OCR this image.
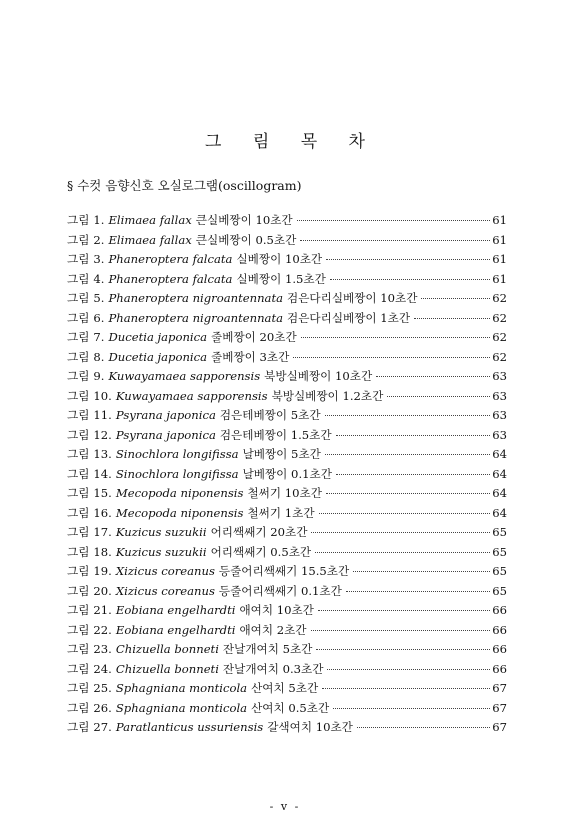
그 림 목 차
§ 수컷 음향신호 오실로그램(oscillogram)
그림 1. Elimaea fallax 큰실베짱이 10초간	61
그림 2. Elimaea fallax 큰실베짱이 0.5초간	61
그림 3. Phaneroptera falcata 실베짱이 10초간	61
그림 4. Phaneroptera falcata 실베짱이 1.5초간	61
그림 5. Phaneroptera nigroantennata 검은다리실베짱이 10초간	62
그림 6. Phaneroptera nigroantennata 검은다리실베짱이 1초간	62
그림 7. Ducetia japonica 줄베짱이 20초간	62
그림 8. Ducetia japonica 줄베짱이 3초간	62
그림 9. Kuwayamaea sapporensis 북방실베짱이 10초간	63
그림 10. Kuwayamaea sapporensis 북방실베짱이 1.2초간	63
그림 11. Psyrana japonica 검은테베짱이 5초간	63
그림 12. Psyrana japonica 검은테베짱이 1.5초간	63
그림 13. Sinochlora longifissa 날베짱이 5초간	64
그림 14. Sinochlora longifissa 날베짱이 0.1초간	64
그림 15. Mecopoda niponensis 철써기 10초간	64
그림 16. Mecopoda niponensis 철써기 1초간	64
그림 17. Kuzicus suzukii 어리쌕쌔기 20초간	65
그림 18. Kuzicus suzukii 어리쌕쌔기 0.5초간	65
그림 19. Xizicus coreanus 등줄어리쌕쌔기 15.5초간	65
그림 20. Xizicus coreanus 등줄어리쌕쌔기 0.1초간	65
그림 21. Eobiana engelhardti 애여치 10초간	66
그림 22. Eobiana engelhardti 애여치 2초간	66
그림 23. Chizuella bonneti 잔날개여치 5초간	66
그림 24. Chizuella bonneti 잔날개여치 0.3초간	66
그림 25. Sphagniana monticola 산여치 5초간	67
그림 26. Sphagniana monticola 산여치 0.5초간	67
그림 27. Paratlanticus ussuriensis 갈색여치 10초간	67
- v -
